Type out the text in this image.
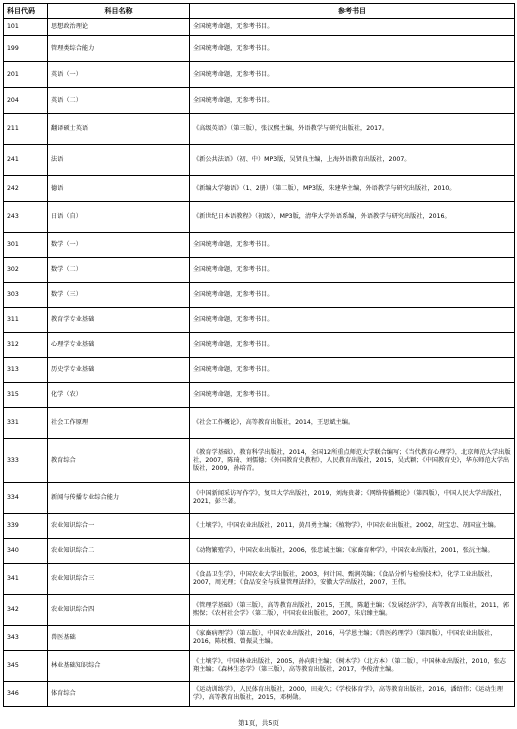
科目代码	科目名称	参考书目
101	思想政治理论	全国统考命题，无参考书目。
199	管理类综合能力	全国统考命题，无参考书目。
201	英语（一）	全国统考命题，无参考书目。
204	英语（二）	全国统考命题，无参考书目。
211	翻译硕士英语	《高级英语》（第三版），张汉熙主编，外语教学与研究出版社，2017。
241	法语	《新公共法语》（初、中）MP3版，吴贤良主编，上海外语教育出版社，2007。
242	德语	《新编大学德语》（1、2册）（第二版），MP3版，朱建华主编，外语教学与研究出版社，2010。
243	日语（自）	《新世纪日本语教程》（初级），MP3版，清华大学外语系编，外语教学与研究出版社，2016。
301	数学（一）	全国统考命题，无参考书目。
302	数学（二）	全国统考命题，无参考书目。
303	数学（三）	全国统考命题，无参考书目。
311	教育学专业基础	全国统考命题，无参考书目。
312	心理学专业基础	全国统考命题，无参考书目。
313	历史学专业基础	全国统考命题，无参考书目。
315	化学（农）	全国统考命题，无参考书目。
331	社会工作原理	《社会工作概论》，高等教育出版社，2014，王思斌主编。
333	教育综合	《教育学基础》，教育科学出版社，2014，全国12所重点师范大学联合编写；《当代教育心理学》，北京师范大学出版社，2007，陈琦、刘儒德；《外国教育史教程》，人民教育出版社，2015，吴式颖；《中国教育史》，华东师范大学出版社，2009，孙培青。
334	新闻与传播专业综合能力	《中国新闻采访写作学》，复旦大学出版社，2019，刘海贵著；《网络传播概论》（第四版），中国人民大学出版社，2021，彭兰著。
339	农业知识综合一	《土壤学》，中国农业出版社，2011，黄昌勇主编；《植物学》，中国农业出版社，2002，胡宝忠、胡国宣主编。
340	农业知识综合二	《动物繁殖学》，中国农业出版社，2006，张忠诚主编；《家畜育种学》，中国农业出版社，2001，张沅主编。
341	农业知识综合三	《食品卫生学》，中国农业大学出版社，2003，何计国、甄润英编；《食品分析与检验技术》，化学工业出版社，2007，周光理；《食品安全与质量管理法律》，安徽大学出版社，2007，王伟。
342	农业知识综合四	《管理学基础》（第三版），高等教育出版社，2015，王凯，陈超主编；《发展经济学》，高等教育出版社，2011，郭熙保；《农村社会学》（第二版），中国农业出版社，2007，朱启臻主编。
343	兽医基础	《家畜病理学》（第五版），中国农业出版社，2016，马学恩主编；《兽医药理学》（第四版），中国农业出版社，2016，陈杖榴、曾振灵主编。
345	林业基础知识综合	《土壤学》，中国林业出版社，2005，孙向阳主编；《树木学》（北方本）（第二版），中国林业出版社，2010，张志翔主编；《森林生态学》（第三版），高等教育出版社，2017，李俊清主编。
346	体育综合	《运动训练学》，人民体育出版社，2000，田麦久；《学校体育学》，高等教育出版社，2016，潘绍伟；《运动生理学》，高等教育出版社，2015，邓树勋。
第1页，共5页
